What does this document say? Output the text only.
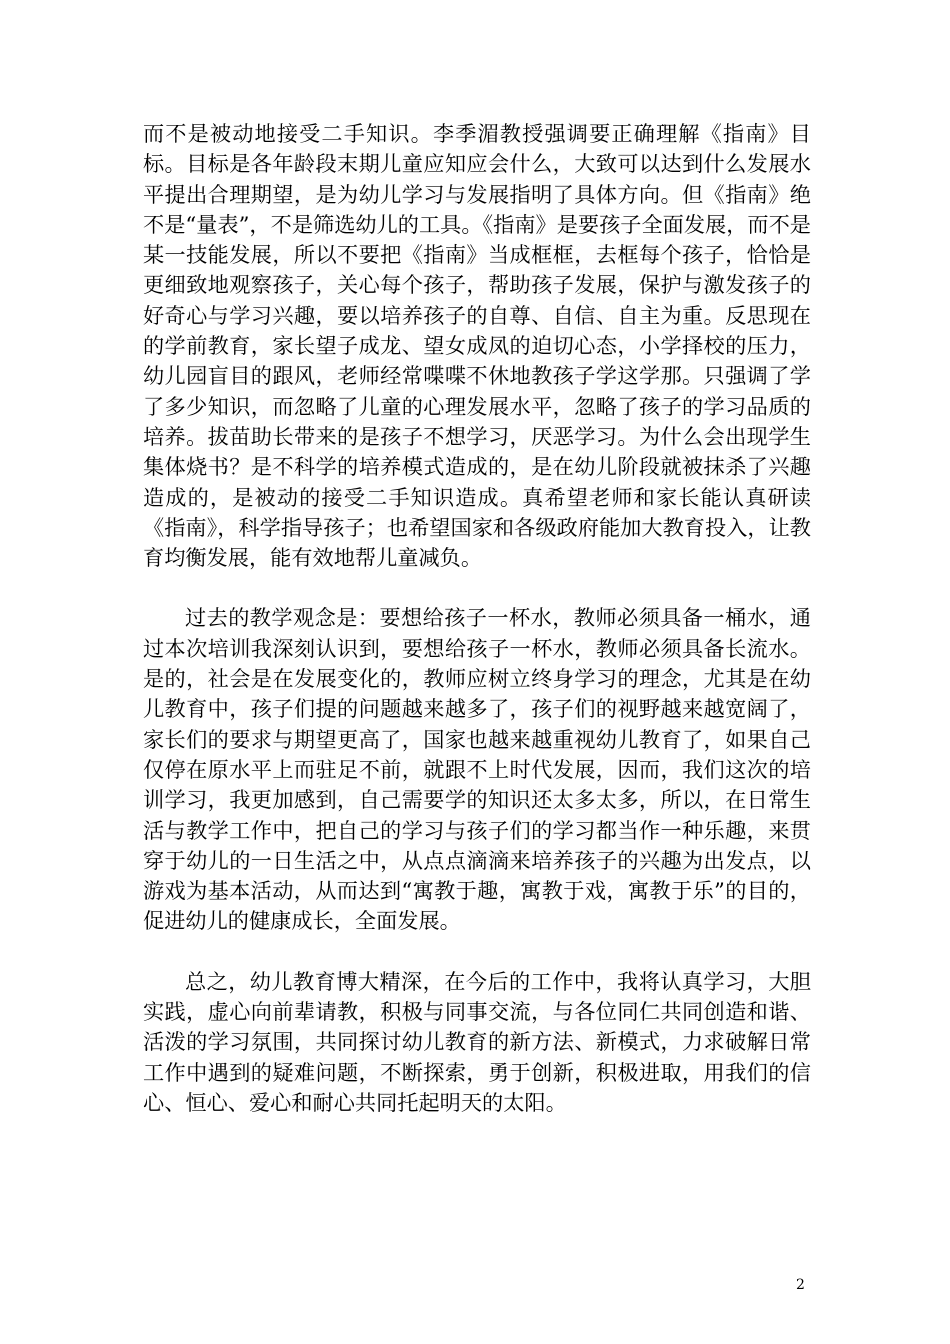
而不是被动地接受二手知识。李季湄教授强调要正确理解《指南》目标。目标是各年龄段末期儿童应知应会什么，大致可以达到什么发展水平提出合理期望，是为幼儿学习与发展指明了具体方向。但《指南》绝不是“量表”，不是筛选幼儿的工具。《指南》是要孩子全面发展，而不是某一技能发展，所以不要把《指南》当成框框，去框每个孩子，恰恰是更细致地观察孩子，关心每个孩子，帮助孩子发展，保护与激发孩子的好奇心与学习兴趣，要以培养孩子的自尊、自信、自主为重。反思现在的学前教育，家长望子成龙、望女成凤的迫切心态，小学择校的压力，幼儿园盲目的跟风，老师经常喋喋不休地教孩子学这学那。只强调了学了多少知识，而忽略了儿童的心理发展水平，忽略了孩子的学习品质的培养。拔苗助长带来的是孩子不想学习，厌恶学习。为什么会出现学生集体烧书？是不科学的培养模式造成的，是在幼儿阶段就被抹杀了兴趣造成的，是被动的接受二手知识造成。真希望老师和家长能认真研读《指南》，科学指导孩子；也希望国家和各级政府能加大教育投入，让教育均衡发展，能有效地帮儿童减负。

过去的教学观念是：要想给孩子一杯水，教师必须具备一桶水，通过本次培训我深刻认识到，要想给孩子一杯水，教师必须具备长流水。是的，社会是在发展变化的，教师应树立终身学习的理念，尤其是在幼儿教育中，孩子们提的问题越来越多了，孩子们的视野越来越宽阔了，家长们的要求与期望更高了，国家也越来越重视幼儿教育了，如果自己仅停在原水平上而驻足不前，就跟不上时代发展，因而，我们这次的培训学习，我更加感到，自己需要学的知识还太多太多，所以，在日常生活与教学工作中，把自己的学习与孩子们的学习都当作一种乐趣，来贯穿于幼儿的一日生活之中，从点点滴滴来培养孩子的兴趣为出发点，以游戏为基本活动，从而达到“寓教于趣，寓教于戏，寓教于乐”的目的，促进幼儿的健康成长，全面发展。

总之，幼儿教育博大精深，在今后的工作中，我将认真学习，大胆实践，虚心向前辈请教，积极与同事交流，与各位同仁共同创造和谐、活泼的学习氛围，共同探讨幼儿教育的新方法、新模式，力求破解日常工作中遇到的疑难问题，不断探索，勇于创新，积极进取，用我们的信心、恒心、爱心和耐心共同托起明天的太阳。

2
